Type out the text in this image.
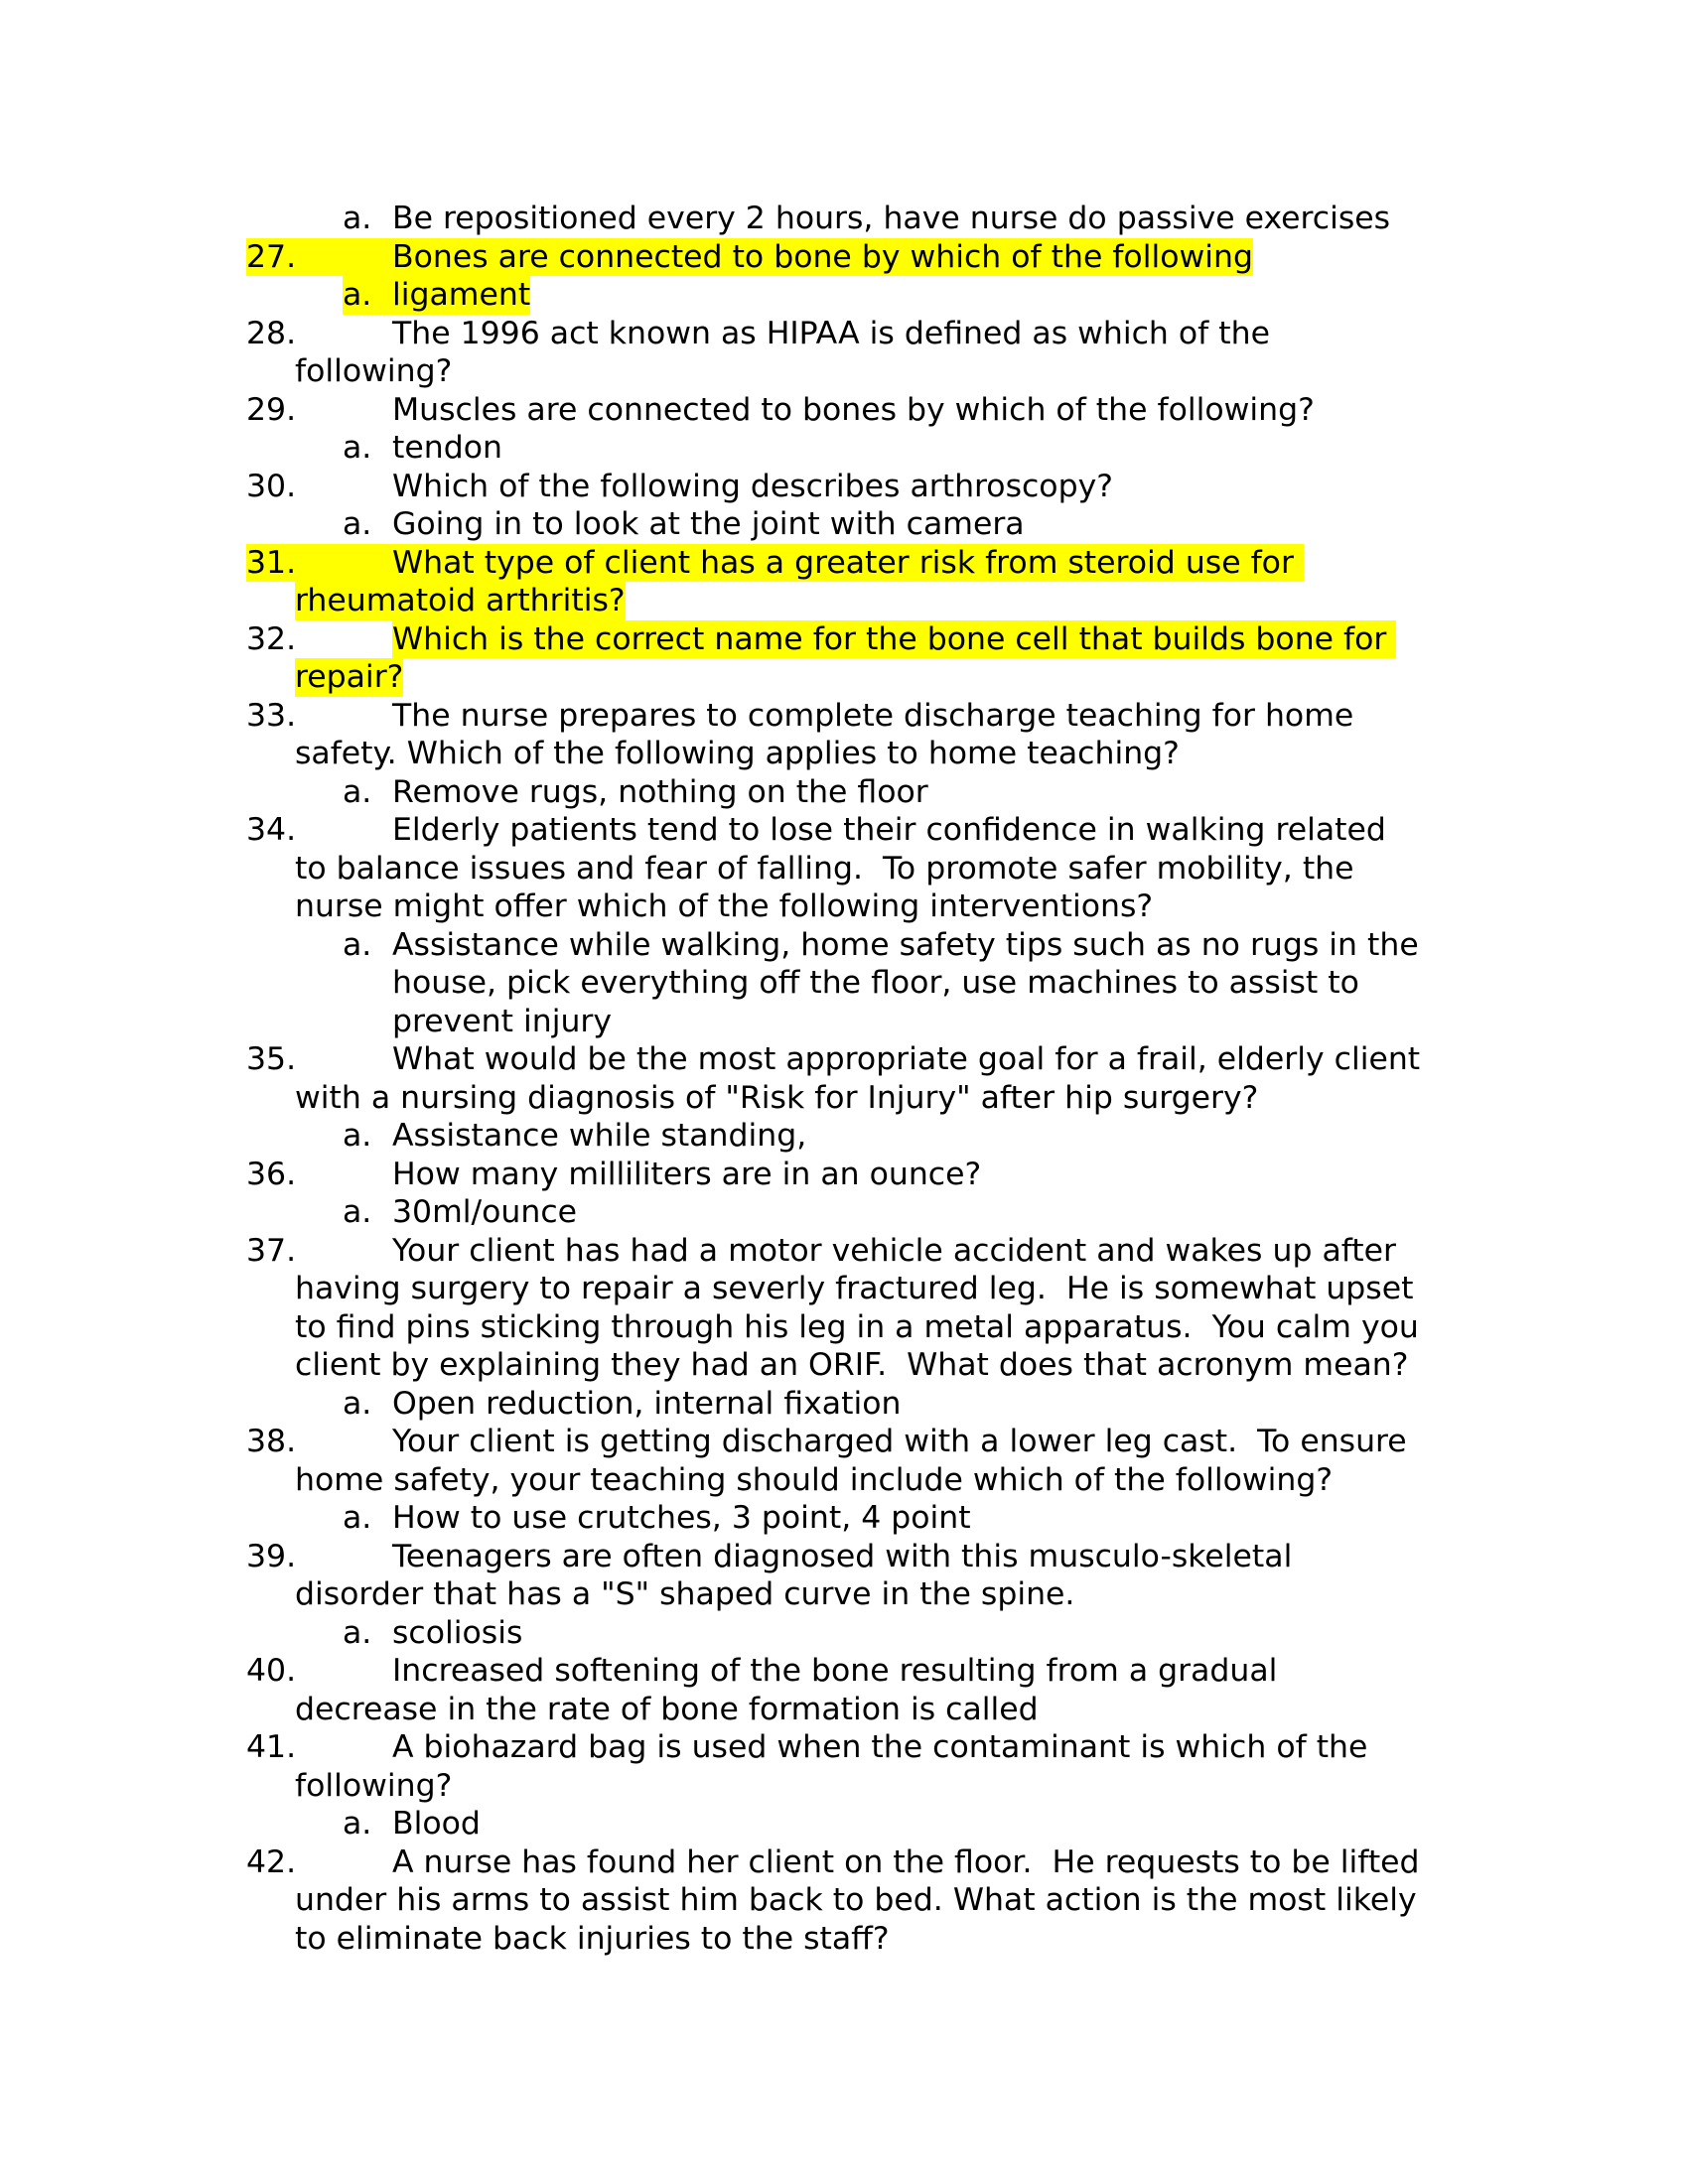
a. Be repositioned every 2 hours, have nurse do passive exercises
27.	Bones are connected to bone by which of the following
a. ligament
28.	The 1996 act known as HIPAA is defined as which of the
following?
29.	Muscles are connected to bones by which of the following?
a. tendon
30.	Which of the following describes arthroscopy?
a. Going in to look at the joint with camera
31.	What type of client has a greater risk from steroid use for
rheumatoid arthritis?
32.	Which is the correct name for the bone cell that builds bone for
repair?
33.	The nurse prepares to complete discharge teaching for home
safety. Which of the following applies to home teaching?
a. Remove rugs, nothing on the floor
34.	Elderly patients tend to lose their confidence in walking related
to balance issues and fear of falling.  To promote safer mobility, the
nurse might offer which of the following interventions?
a. Assistance while walking, home safety tips such as no rugs in the
house, pick everything off the floor, use machines to assist to
prevent injury
35.	What would be the most appropriate goal for a frail, elderly client
with a nursing diagnosis of "Risk for Injury" after hip surgery?
a. Assistance while standing,
36.	How many milliliters are in an ounce?
a. 30ml/ounce
37.	Your client has had a motor vehicle accident and wakes up after
having surgery to repair a severly fractured leg.  He is somewhat upset
to find pins sticking through his leg in a metal apparatus.  You calm you
client by explaining they had an ORIF.  What does that acronym mean?
a. Open reduction, internal fixation
38.	Your client is getting discharged with a lower leg cast.  To ensure
home safety, your teaching should include which of the following?
a. How to use crutches, 3 point, 4 point
39.	Teenagers are often diagnosed with this musculo-skeletal
disorder that has a "S" shaped curve in the spine.
a. scoliosis
40.	Increased softening of the bone resulting from a gradual
decrease in the rate of bone formation is called
41.	A biohazard bag is used when the contaminant is which of the
following?
a. Blood
42.	A nurse has found her client on the floor.  He requests to be lifted
under his arms to assist him back to bed. What action is the most likely
to eliminate back injuries to the staff?
